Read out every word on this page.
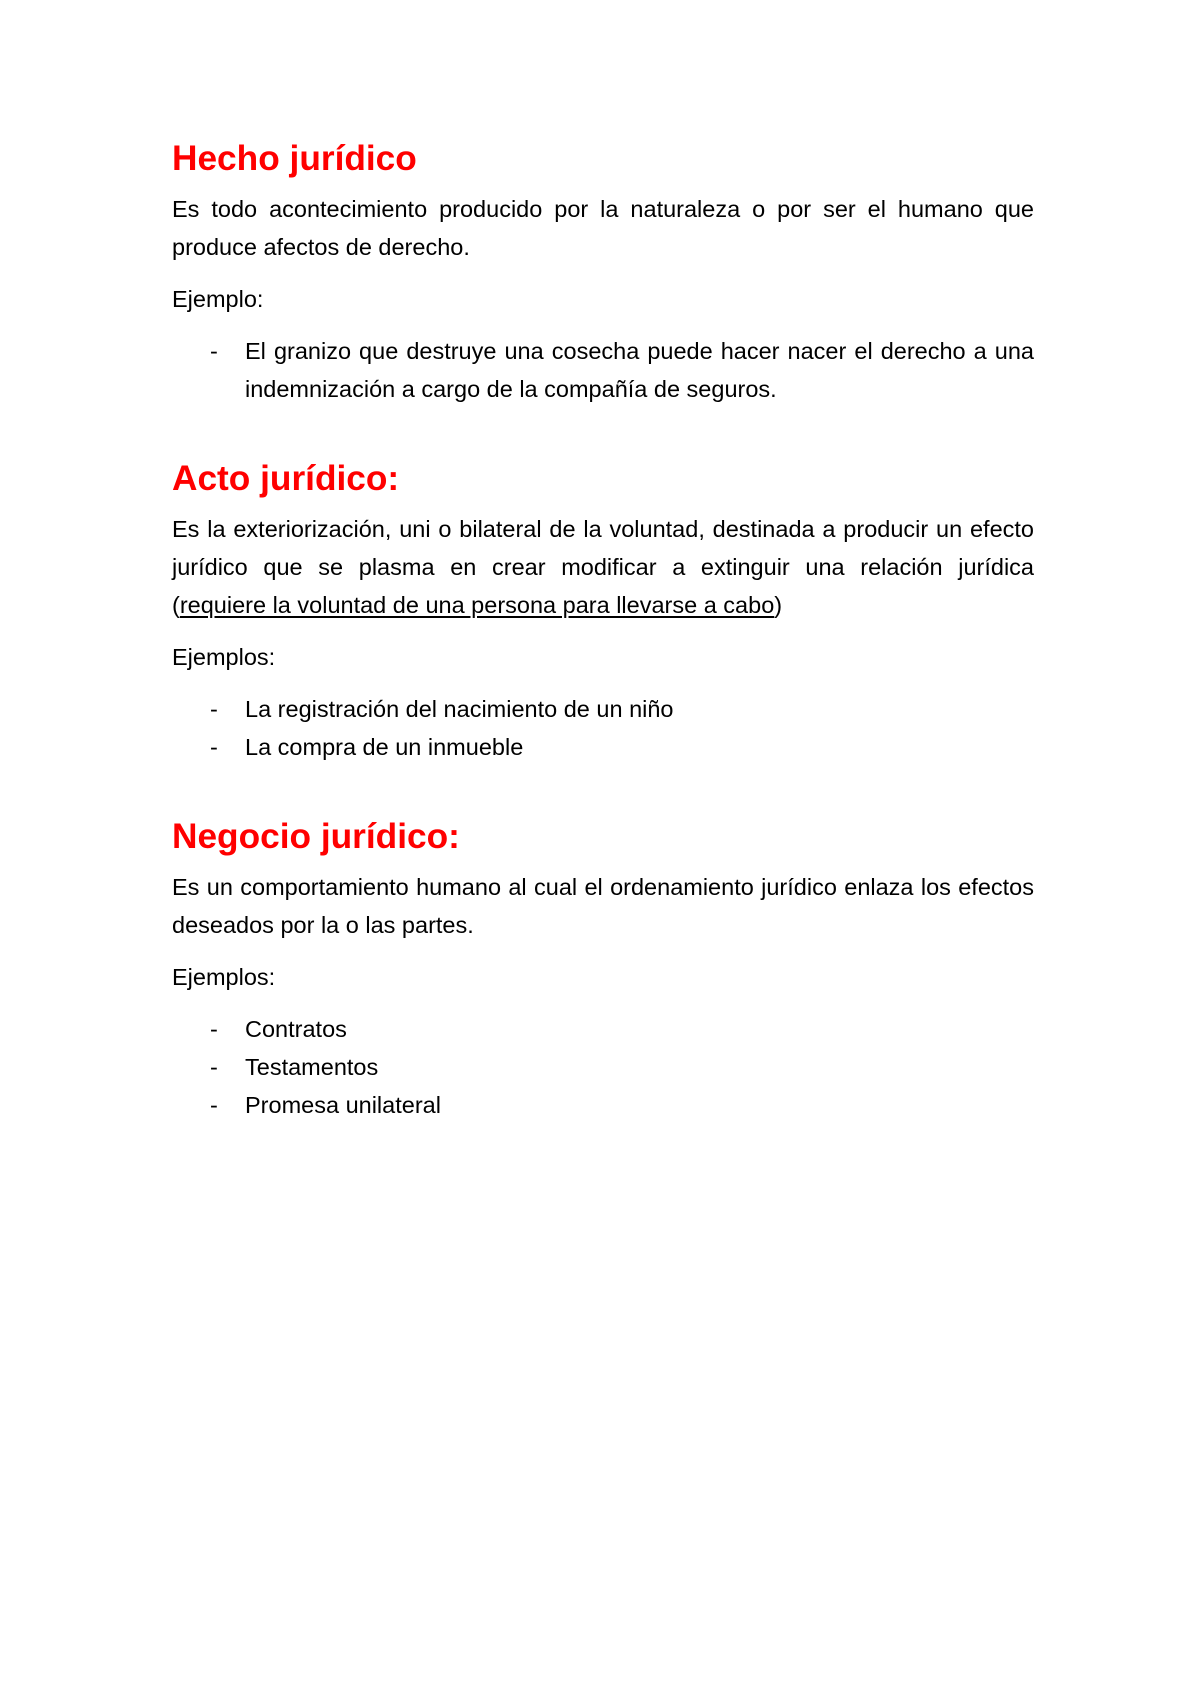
Hecho jurídico

Es todo acontecimiento producido por la naturaleza o por ser el humano que produce afectos de derecho.

Ejemplo:

- El granizo que destruye una cosecha puede hacer nacer el derecho a una indemnización a cargo de la compañía de seguros.
Acto jurídico:

Es la exteriorización, uni o bilateral de la voluntad, destinada a producir un efecto jurídico que se plasma en crear modificar a extinguir una relación jurídica (requiere la voluntad de una persona para llevarse a cabo)

Ejemplos:

- La registración del nacimiento de un niño
- La compra de un inmueble
Negocio jurídico:

Es un comportamiento humano al cual el ordenamiento jurídico enlaza los efectos deseados por la o las partes.

Ejemplos:

- Contratos
- Testamentos
- Promesa unilateral
